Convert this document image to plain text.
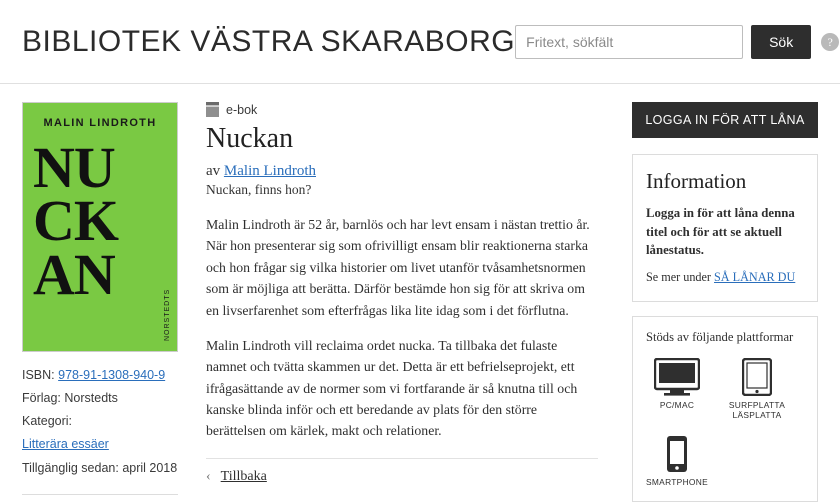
BIBLIOTEK VÄSTRA SKARABORG
Fritext, sökfält	Sök	?
MALIN LINDROTH
NU
CK
AN
NORSTEDTS
ISBN: 978-91-1308-940-9
Förlag: Norstedts
Kategori:
Litterära essäer
Tillgänglig sedan: april 2018
e-bok
Nuckan
av Malin Lindroth
Nuckan, finns hon?

Malin Lindroth är 52 år, barnlös och har levt ensam i nästan trettio år. När hon presenterar sig som ofrivilligt ensam blir reaktionerna starka och hon frågar sig vilka historier om livet utanför tvåsamhetsnormen som är möjliga att berätta. Därför bestämde hon sig för att skriva om en livserfarenhet som efterfrågas lika lite idag som i det förflutna.

Malin Lindroth vill reclaima ordet nucka. Ta tillbaka det fulaste namnet och tvätta skammen ur det. Detta är ett befrielseprojekt, ett ifrågasättande av de normer som vi fortfarande är så knutna till och kanske blinda inför och ett beredande av plats för den större berättelsen om kärlek, makt och relationer.

‹ Tillbaka
LOGGA IN FÖR ATT LÅNA
Information
Logga in för att låna denna titel och för att se aktuell lånestatus.
Se mer under SÅ LÅNAR DU
Stöds av följande plattformar
PC/MAC	SURFPLATTA LÄSPLATTA
SMARTPHONE
